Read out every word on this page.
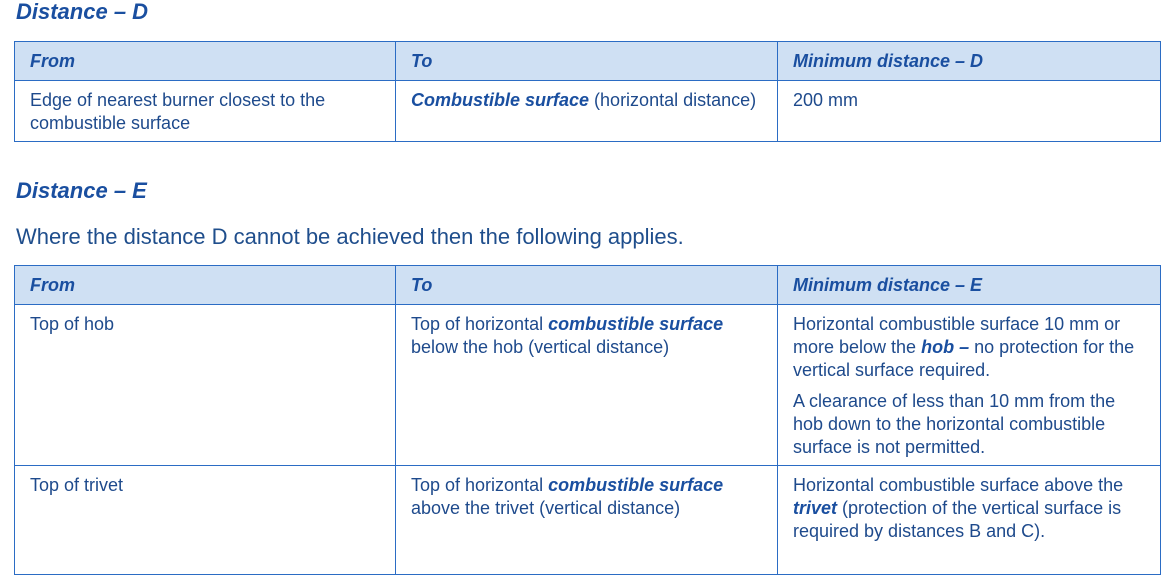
Distance – D
From	To	Minimum distance – D
Edge of nearest burner closest to the combustible surface	Combustible surface (horizontal distance)	200 mm
Distance – E

Where the distance D cannot be achieved then the following applies.

From	To	Minimum distance – E
Top of hob	Top of horizontal combustible surface below the hob (vertical distance)	Horizontal combustible surface 10 mm or more below the hob – no protection for the vertical surface required.
A clearance of less than 10 mm from the hob down to the horizontal combustible surface is not permitted.

Top of trivet	Top of horizontal combustible surface above the trivet (vertical distance)	Horizontal combustible surface above the trivet (protection of the vertical surface is required by distances B and C).
